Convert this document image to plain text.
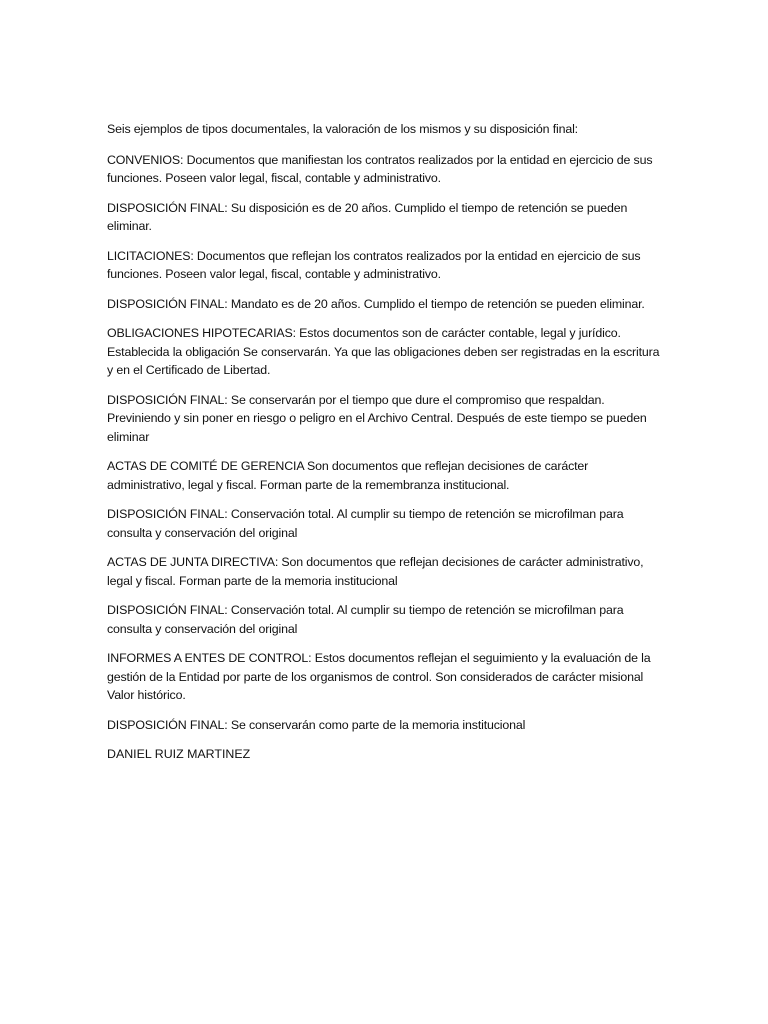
Seis ejemplos de tipos documentales, la valoración de los mismos y su disposición final:

CONVENIOS: Documentos que manifiestan los contratos realizados por la entidad en ejercicio de sus funciones. Poseen valor legal, fiscal, contable y administrativo.

DISPOSICIÓN FINAL: Su disposición es de 20 años. Cumplido el tiempo de retención se pueden eliminar.

LICITACIONES: Documentos que reflejan los contratos realizados por la entidad en ejercicio de sus funciones. Poseen valor legal, fiscal, contable y administrativo.

DISPOSICIÓN FINAL: Mandato es de 20 años. Cumplido el tiempo de retención se pueden eliminar.

OBLIGACIONES HIPOTECARIAS: Estos documentos son de carácter contable, legal y jurídico. Establecida la obligación Se conservarán. Ya que las obligaciones deben ser registradas en la escritura y en el Certificado de Libertad.

DISPOSICIÓN FINAL: Se conservarán por el tiempo que dure el compromiso que respaldan. Previniendo y sin poner en riesgo o peligro en el Archivo Central. Después de este tiempo se pueden eliminar

ACTAS DE COMITÉ DE GERENCIA Son documentos que reflejan decisiones de carácter administrativo, legal y fiscal. Forman parte de la remembranza institucional.

DISPOSICIÓN FINAL: Conservación total. Al cumplir su tiempo de retención se microfilman para consulta y conservación del original

ACTAS DE JUNTA DIRECTIVA: Son documentos que reflejan decisiones de carácter administrativo, legal y fiscal. Forman parte de la memoria institucional

DISPOSICIÓN FINAL: Conservación total. Al cumplir su tiempo de retención se microfilman para consulta y conservación del original

INFORMES A ENTES DE CONTROL: Estos documentos reflejan el seguimiento y la evaluación de la gestión de la Entidad por parte de los organismos de control. Son considerados de carácter misional Valor histórico.

DISPOSICIÓN FINAL: Se conservarán como parte de la memoria institucional

DANIEL RUIZ MARTINEZ
